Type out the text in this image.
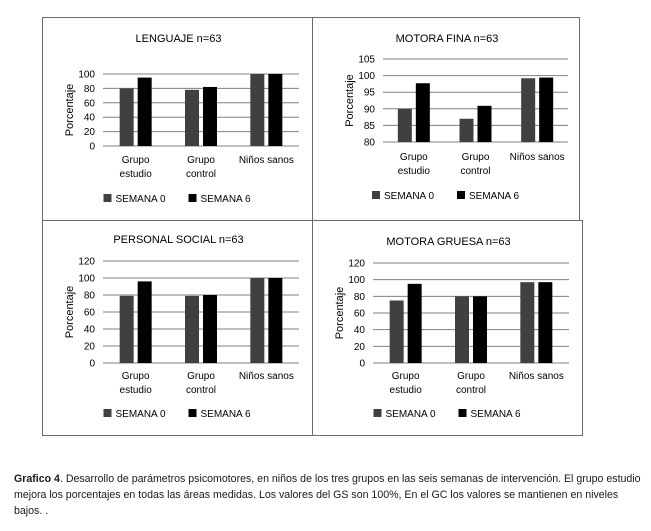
LENGUAJE n=63
0
20
40
60
80
100
Porcentaje
Grupo estudio
Grupo control
Niños sanos
SEMANA 0	SEMANA 6
MOTORA FINA n=63
80
85
90
95
100
105
Porcentaje
Grupo estudio
Grupo control
Niños sanos
SEMANA 0	SEMANA 6
PERSONAL SOCIAL n=63
0
20
40
60
80
100
120
Porcentaje
Grupo estudio
Grupo control
Niños sanos
SEMANA 0	SEMANA 6
MOTORA GRUESA n=63
0
20
40
60
80
100
120
Porcentaje
Grupo estudio
Grupo control
Niños sanos
SEMANA 0	SEMANA 6
Grafico 4. Desarrollo de parámetros psicomotores, en niños de los tres grupos en las seis semanas de intervención. El grupo estudio mejora los porcentajes en todas las áreas medidas. Los valores del GS son 100%, En el GC los valores se mantienen en niveles bajos. .
